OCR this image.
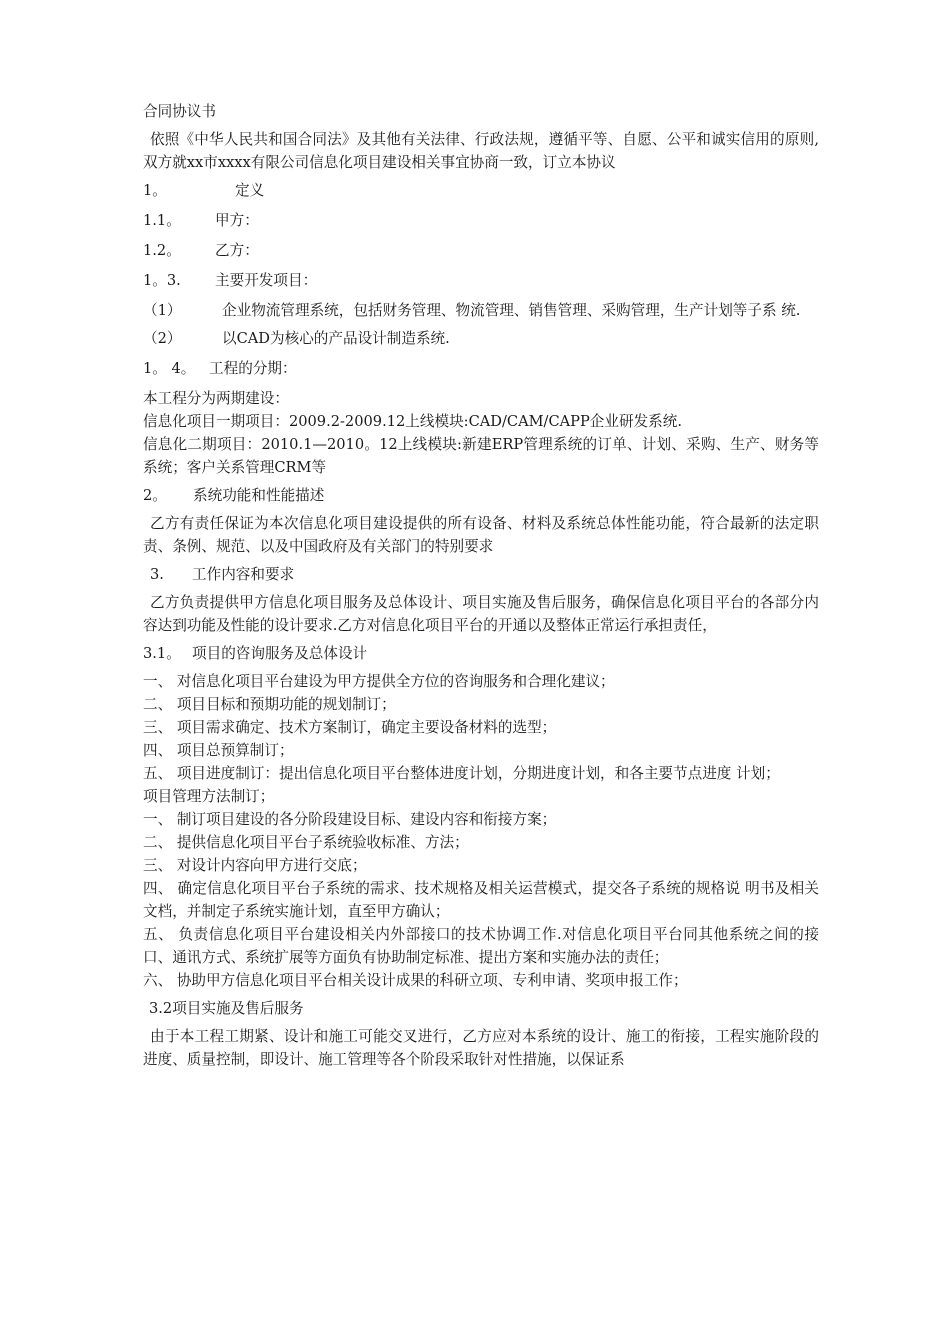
合同协议书

依照《中华人民共和国合同法》及其他有关法律、行政法规，遵循平等、自愿、公平和诚实信用的原则,双方就xx市xxxx有限公司信息化项目建设相关事宜协商一致，订立本协议

1。	定义
1.1。	甲方：
1.2。	乙方：
1。3.	主要开发项目：

（1）	企业物流管理系统，包括财务管理、物流管理、销售管理、采购管理，生产计划等子系 统.

（2）	以CAD为核心的产品设计制造系统.

1。 4。 工程的分期：

本工程分为两期建设：

信息化项目一期项目：2009.2-2009.12上线模块:CAD/CAM/CAPP企业研发系统.

信息化二期项目：2010.1—2010。12上线模块:新建ERP管理系统的订单、计划、采购、生产、财务等系统；客户关系管理CRM等

2。	系统功能和性能描述

乙方有责任保证为本次信息化项目建设提供的所有设备、材料及系统总体性能功能，符合最新的法定职责、条例、规范、以及中国政府及有关部门的特别要求

3.	工作内容和要求

乙方负责提供甲方信息化项目服务及总体设计、项目实施及售后服务，确保信息化项目平台的各部分内容达到功能及性能的设计要求.乙方对信息化项目平台的开通以及整体正常运行承担责任，

3.1。 项目的咨询服务及总体设计

一、 对信息化项目平台建设为甲方提供全方位的咨询服务和合理化建议；

二、 项目目标和预期功能的规划制订；

三、 项目需求确定、技术方案制订，确定主要设备材料的选型；

四、 项目总预算制订；

五、 项目进度制订：提出信息化项目平台整体进度计划，分期进度计划，和各主要节点进度 计划；

项目管理方法制订；

一、 制订项目建设的各分阶段建设目标、建设内容和衔接方案；

二、 提供信息化项目平台子系统验收标准、方法；

三、 对设计内容向甲方进行交底；

四、 确定信息化项目平台子系统的需求、技术规格及相关运营模式，提交各子系统的规格说 明书及相关文档，并制定子系统实施计划，直至甲方确认；

五、 负责信息化项目平台建设相关内外部接口的技术协调工作.对信息化项目平台同其他系统之间的接口、通讯方式、系统扩展等方面负有协助制定标准、提出方案和实施办法的责任；

六、 协助甲方信息化项目平台相关设计成果的科研立项、专利申请、奖项申报工作；

3.2项目实施及售后服务

由于本工程工期紧、设计和施工可能交叉进行，乙方应对本系统的设计、施工的衔接，工程实施阶段的进度、质量控制，即设计、施工管理等各个阶段采取针对性措施，以保证系
